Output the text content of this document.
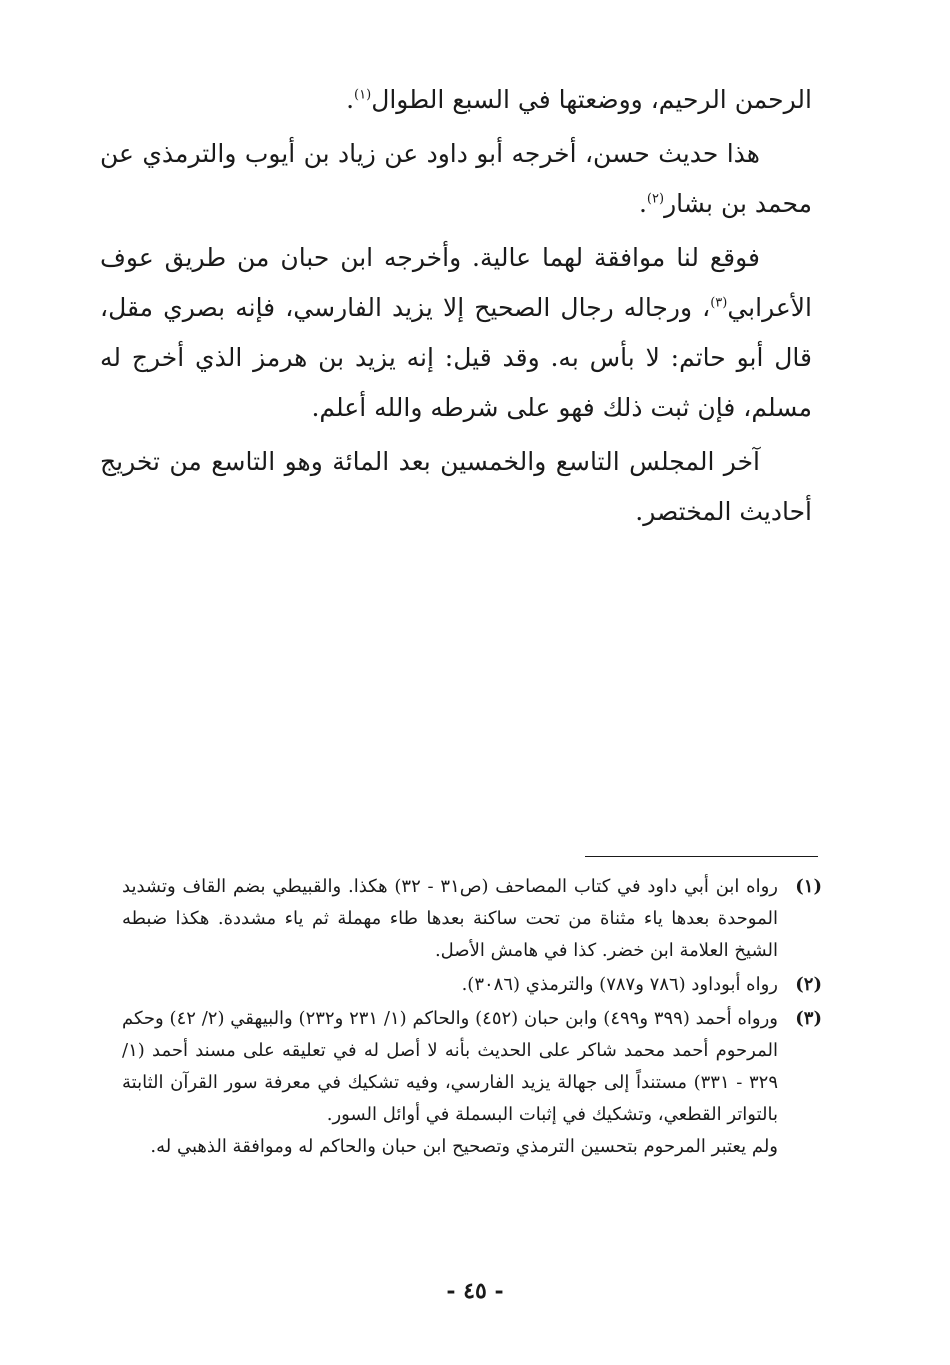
الرحمن الرحيم، ووضعتها في السبع الطوال$^{(١)}$.

هذا حديث حسن، أخرجه أبو داود عن زياد بن أيوب والترمذي عن محمد بن بشار$^{(٢)}$.

فوقع لنا موافقة لهما عالية. وأخرجه ابن حبان من طريق عوف الأعرابي$^{(٣)}$، ورجاله رجال الصحيح إلا يزيد الفارسي، فإنه بصري مقل، قال أبو حاتم: لا بأس به. وقد قيل: إنه يزيد بن هرمز الذي أخرج له مسلم، فإن ثبت ذلك فهو على شرطه والله أعلم.

آخر المجلس التاسع والخمسين بعد المائة وهو التاسع من تخريج أحاديث المختصر.

(١)

رواه ابن أبي داود في كتاب المصاحف (ص٣١ - ٣٢) هكذا. والقبيطي بضم القاف وتشديد الموحدة بعدها ياء مثناة من تحت ساكنة بعدها طاء مهملة ثم ياء مشددة. هكذا ضبطه الشيخ العلامة ابن خضر. كذا في هامش الأصل.

(٢)

رواه أبوداود (٧٨٦ و٧٨٧) والترمذي (٣٠٨٦).

(٣)

ورواه أحمد (٣٩٩ و٤٩٩) وابن حبان (٤٥٢) والحاكم (١/ ٢٣١ و٢٣٢) والبيهقي (٢/ ٤٢) وحكم المرحوم أحمد محمد شاكر على الحديث بأنه لا أصل له في تعليقه على مسند أحمد (١/ ٣٢٩ - ٣٣١) مستنداً إلى جهالة يزيد الفارسي، وفيه تشكيك في معرفة سور القرآن الثابتة بالتواتر القطعي، وتشكيك في إثبات البسملة في أوائل السور.

ولم يعتبر المرحوم بتحسين الترمذي وتصحيح ابن حبان والحاكم له وموافقة الذهبي له.

- ٤٥ -
